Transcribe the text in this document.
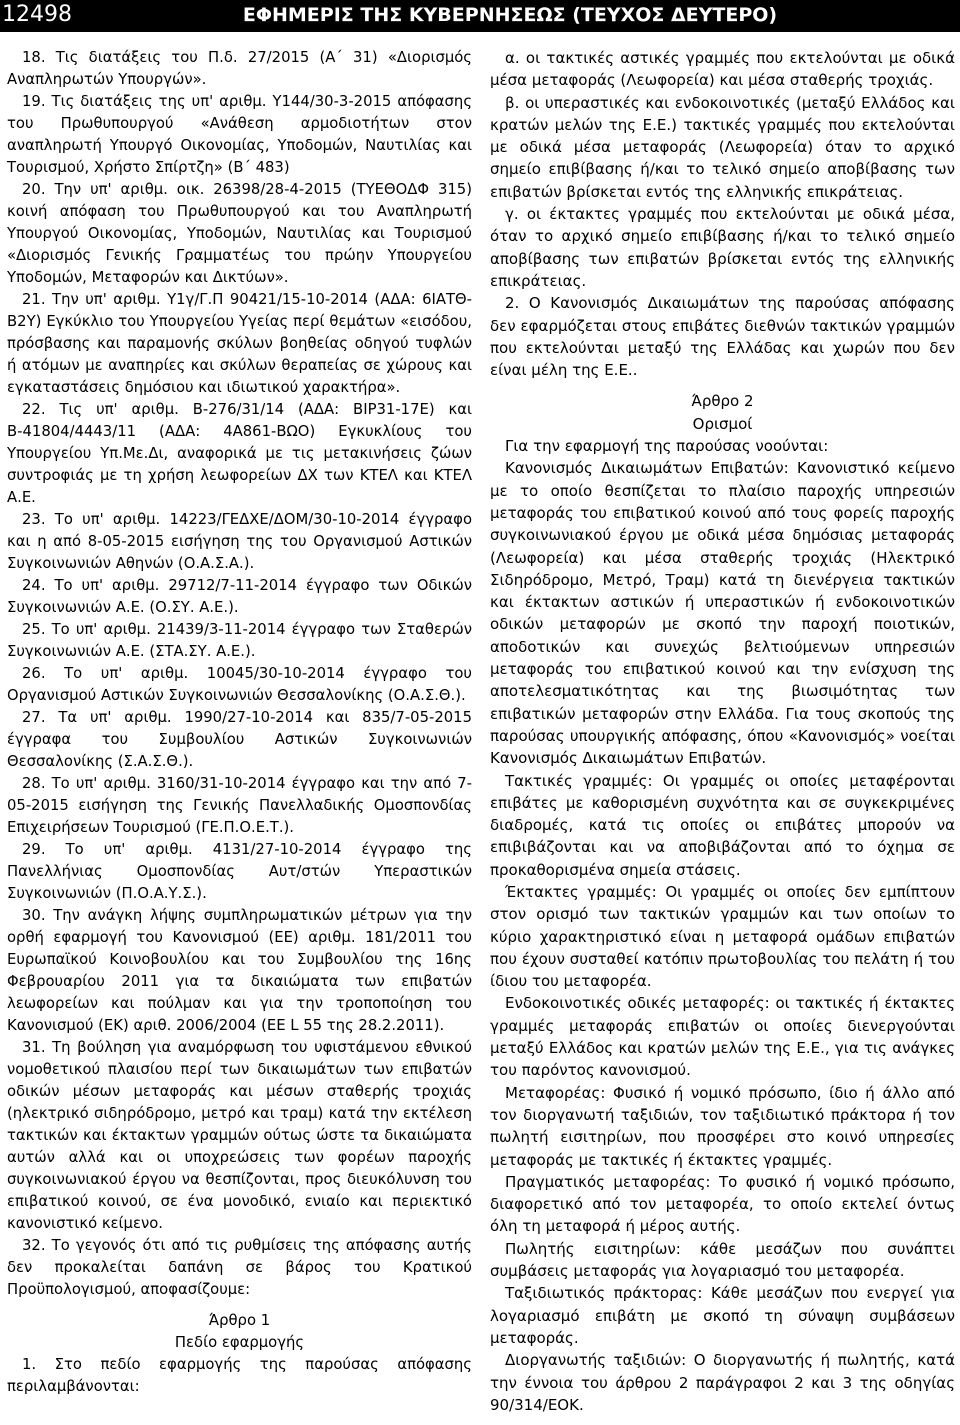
12498	ΕΦΗΜΕΡΙΣ ΤΗΣ ΚΥΒΕΡΝΗΣΕΩΣ (ΤΕΥΧΟΣ ΔΕΥΤΕΡΟ)

18. Τις διατάξεις του Π.δ. 27/2015 (Α΄ 31) «Διορισμός Αναπληρωτών Υπουργών».

19. Τις διατάξεις της υπ' αριθμ. Υ144/30-3-2015 απόφασης του Πρωθυπουργού «Ανάθεση αρμοδιοτήτων στον αναπληρωτή Υπουργό Οικονομίας, Υποδομών, Ναυτιλίας και Τουρισμού, Χρήστο Σπίρτζη» (Β΄ 483)

20. Την υπ' αριθμ. οικ. 26398/28-4-2015 (ΤΥΕΘΟΔΦ 315) κοινή απόφαση του Πρωθυπουργού και του Αναπληρωτή Υπουργού Οικονομίας, Υποδομών, Ναυτιλίας και Τουρισμού «Διορισμός Γενικής Γραμματέως του πρώην Υπουργείου Υποδομών, Μεταφορών και Δικτύων».

21. Την υπ' αριθμ. Υ1γ/Γ.Π 90421/15-10-2014 (ΑΔΑ: 6ΙΑΤΘ-Β2Υ) Εγκύκλιο του Υπουργείου Υγείας περί θεμάτων «εισόδου, πρόσβασης και παραμονής σκύλων βοηθείας οδηγού τυφλών ή ατόμων με αναπηρίες και σκύλων θεραπείας σε χώρους και εγκαταστάσεις δημόσιου και ιδιωτικού χαρακτήρα».

22. Τις υπ' αριθμ. Β-276/31/14 (ΑΔΑ: ΒΙΡ31-17Ε) και Β-41804/4443/11 (ΑΔΑ: 4Α861-ΒΩΟ) Εγκυκλίους του Υπουργείου Υπ.Με.Δι, αναφορικά με τις μετακινήσεις ζώων συντροφιάς με τη χρήση λεωφορείων ΔΧ των ΚΤΕΛ και ΚΤΕΛ Α.Ε.

23. Το υπ' αριθμ. 14223/ΓΕΔΧΕ/ΔΟΜ/30-10-2014 έγγραφο και η από 8-05-2015 εισήγηση της του Οργανισμού Αστικών Συγκοινωνιών Αθηνών (Ο.Α.Σ.Α.).

24. Το υπ' αριθμ. 29712/7-11-2014 έγγραφο των Οδικών Συγκοινωνιών Α.Ε. (Ο.ΣΥ. Α.Ε.).

25. Το υπ' αριθμ. 21439/3-11-2014 έγγραφο των Σταθερών Συγκοινωνιών Α.Ε. (ΣΤΑ.ΣΥ. Α.Ε.).

26. Το υπ' αριθμ. 10045/30-10-2014 έγγραφο του Οργανισμού Αστικών Συγκοινωνιών Θεσσαλονίκης (Ο.Α.Σ.Θ.).

27. Τα υπ' αριθμ. 1990/27-10-2014 και 835/7-05-2015 έγγραφα του Συμβουλίου Αστικών Συγκοινωνιών Θεσσαλονίκης (Σ.Α.Σ.Θ.).

28. Το υπ' αριθμ. 3160/31-10-2014 έγγραφο και την από 7-05-2015 εισήγηση της Γενικής Πανελλαδικής Ομοσπονδίας Επιχειρήσεων Τουρισμού (ΓΕ.Π.Ο.Ε.Τ.).

29. Το υπ' αριθμ. 4131/27-10-2014 έγγραφο της Πανελλήνιας Ομοσπονδίας Αυτ/στών Υπεραστικών Συγκοινωνιών (Π.Ο.Α.Υ.Σ.).

30. Την ανάγκη λήψης συμπληρωματικών μέτρων για την ορθή εφαρμογή του Κανονισμού (ΕΕ) αριθμ. 181/2011 του Ευρωπαϊκού Κοινοβουλίου και του Συμβουλίου της 16ης Φεβρουαρίου 2011 για τα δικαιώματα των επιβατών λεωφορείων και πούλμαν και για την τροποποίηση του Κανονισμού (ΕΚ) αριθ. 2006/2004 (ΕΕ L 55 της 28.2.2011).

31. Τη βούληση για αναμόρφωση του υφιστάμενου εθνικού νομοθετικού πλαισίου περί των δικαιωμάτων των επιβατών οδικών μέσων μεταφοράς και μέσων σταθερής τροχιάς (ηλεκτρικό σιδηρόδρομο, μετρό και τραμ) κατά την εκτέλεση τακτικών και έκτακτων γραμμών ούτως ώστε τα δικαιώματα αυτών αλλά και οι υποχρεώσεις των φορέων παροχής συγκοινωνιακού έργου να θεσπίζονται, προς διευκόλυνση του επιβατικού κοινού, σε ένα μονοδικό, ενιαίο και περιεκτικό κανονιστικό κείμενο.

32. Το γεγονός ότι από τις ρυθμίσεις της απόφασης αυτής δεν προκαλείται δαπάνη σε βάρος του Κρατικού Προϋπολογισμού, αποφασίζουμε:

Άρθρο 1

Πεδίο εφαρμογής

1. Στο πεδίο εφαρμογής της παρούσας απόφασης περιλαμβάνονται:

α. οι τακτικές αστικές γραμμές που εκτελούνται με οδικά μέσα μεταφοράς (Λεωφορεία) και μέσα σταθερής τροχιάς.

β. οι υπεραστικές και ενδοκοινοτικές (μεταξύ Ελλάδος και κρατών μελών της Ε.Ε.) τακτικές γραμμές που εκτελούνται με οδικά μέσα μεταφοράς (Λεωφορεία) όταν το αρχικό σημείο επιβίβασης ή/και το τελικό σημείο αποβίβασης των επιβατών βρίσκεται εντός της ελληνικής επικράτειας.

γ. οι έκτακτες γραμμές που εκτελούνται με οδικά μέσα, όταν το αρχικό σημείο επιβίβασης ή/και το τελικό σημείο αποβίβασης των επιβατών βρίσκεται εντός της ελληνικής επικράτειας.

2. Ο Κανονισμός Δικαιωμάτων της παρούσας απόφασης δεν εφαρμόζεται στους επιβάτες διεθνών τακτικών γραμμών που εκτελούνται μεταξύ της Ελλάδας και χωρών που δεν είναι μέλη της Ε.Ε..

Άρθρο 2

Ορισμοί

Για την εφαρμογή της παρούσας νοούνται:

Κανονισμός Δικαιωμάτων Επιβατών: Κανονιστικό κείμενο με το οποίο θεσπίζεται το πλαίσιο παροχής υπηρεσιών μεταφοράς του επιβατικού κοινού από τους φορείς παροχής συγκοινωνιακού έργου με οδικά μέσα δημόσιας μεταφοράς (Λεωφορεία) και μέσα σταθερής τροχιάς (Ηλεκτρικό Σιδηρόδρομο, Μετρό, Τραμ) κατά τη διενέργεια τακτικών και έκτακτων αστικών ή υπεραστικών ή ενδοκοινοτικών οδικών μεταφορών με σκοπό την παροχή ποιοτικών, αποδοτικών και συνεχώς βελτιούμενων υπηρεσιών μεταφοράς του επιβατικού κοινού και την ενίσχυση της αποτελεσματικότητας και της βιωσιμότητας των επιβατικών μεταφορών στην Ελλάδα. Για τους σκοπούς της παρούσας υπουργικής απόφασης, όπου «Κανονισμός» νοείται Κανονισμός Δικαιωμάτων Επιβατών.

Τακτικές γραμμές: Οι γραμμές οι οποίες μεταφέρονται επιβάτες με καθορισμένη συχνότητα και σε συγκεκριμένες διαδρομές, κατά τις οποίες οι επιβάτες μπορούν να επιβιβάζονται και να αποβιβάζονται από το όχημα σε προκαθορισμένα σημεία στάσεις.

Έκτακτες γραμμές: Οι γραμμές οι οποίες δεν εμπίπτουν στον ορισμό των τακτικών γραμμών και των οποίων το κύριο χαρακτηριστικό είναι η μεταφορά ομάδων επιβατών που έχουν συσταθεί κατόπιν πρωτοβουλίας του πελάτη ή του ίδιου του μεταφορέα.

Ενδοκοινοτικές οδικές μεταφορές: οι τακτικές ή έκτακτες γραμμές μεταφοράς επιβατών οι οποίες διενεργούνται μεταξύ Ελλάδος και κρατών μελών της Ε.Ε., για τις ανάγκες του παρόντος κανονισμού.

Μεταφορέας: Φυσικό ή νομικό πρόσωπο, ίδιο ή άλλο από τον διοργανωτή ταξιδιών, τον ταξιδιωτικό πράκτορα ή τον πωλητή εισιτηρίων, που προσφέρει στο κοινό υπηρεσίες μεταφοράς με τακτικές ή έκτακτες γραμμές.

Πραγματικός μεταφορέας: Το φυσικό ή νομικό πρόσωπο, διαφορετικό από τον μεταφορέα, το οποίο εκτελεί όντως όλη τη μεταφορά ή μέρος αυτής.

Πωλητής εισιτηρίων: κάθε μεσάζων που συνάπτει συμβάσεις μεταφοράς για λογαριασμό του μεταφορέα.

Ταξιδιωτικός πράκτορας: Κάθε μεσάζων που ενεργεί για λογαριασμό επιβάτη με σκοπό τη σύναψη συμβάσεων μεταφοράς.

Διοργανωτής ταξιδιών: Ο διοργανωτής ή πωλητής, κατά την έννοια του άρθρου 2 παράγραφοι 2 και 3 της οδηγίας 90/314/ΕΟΚ.
